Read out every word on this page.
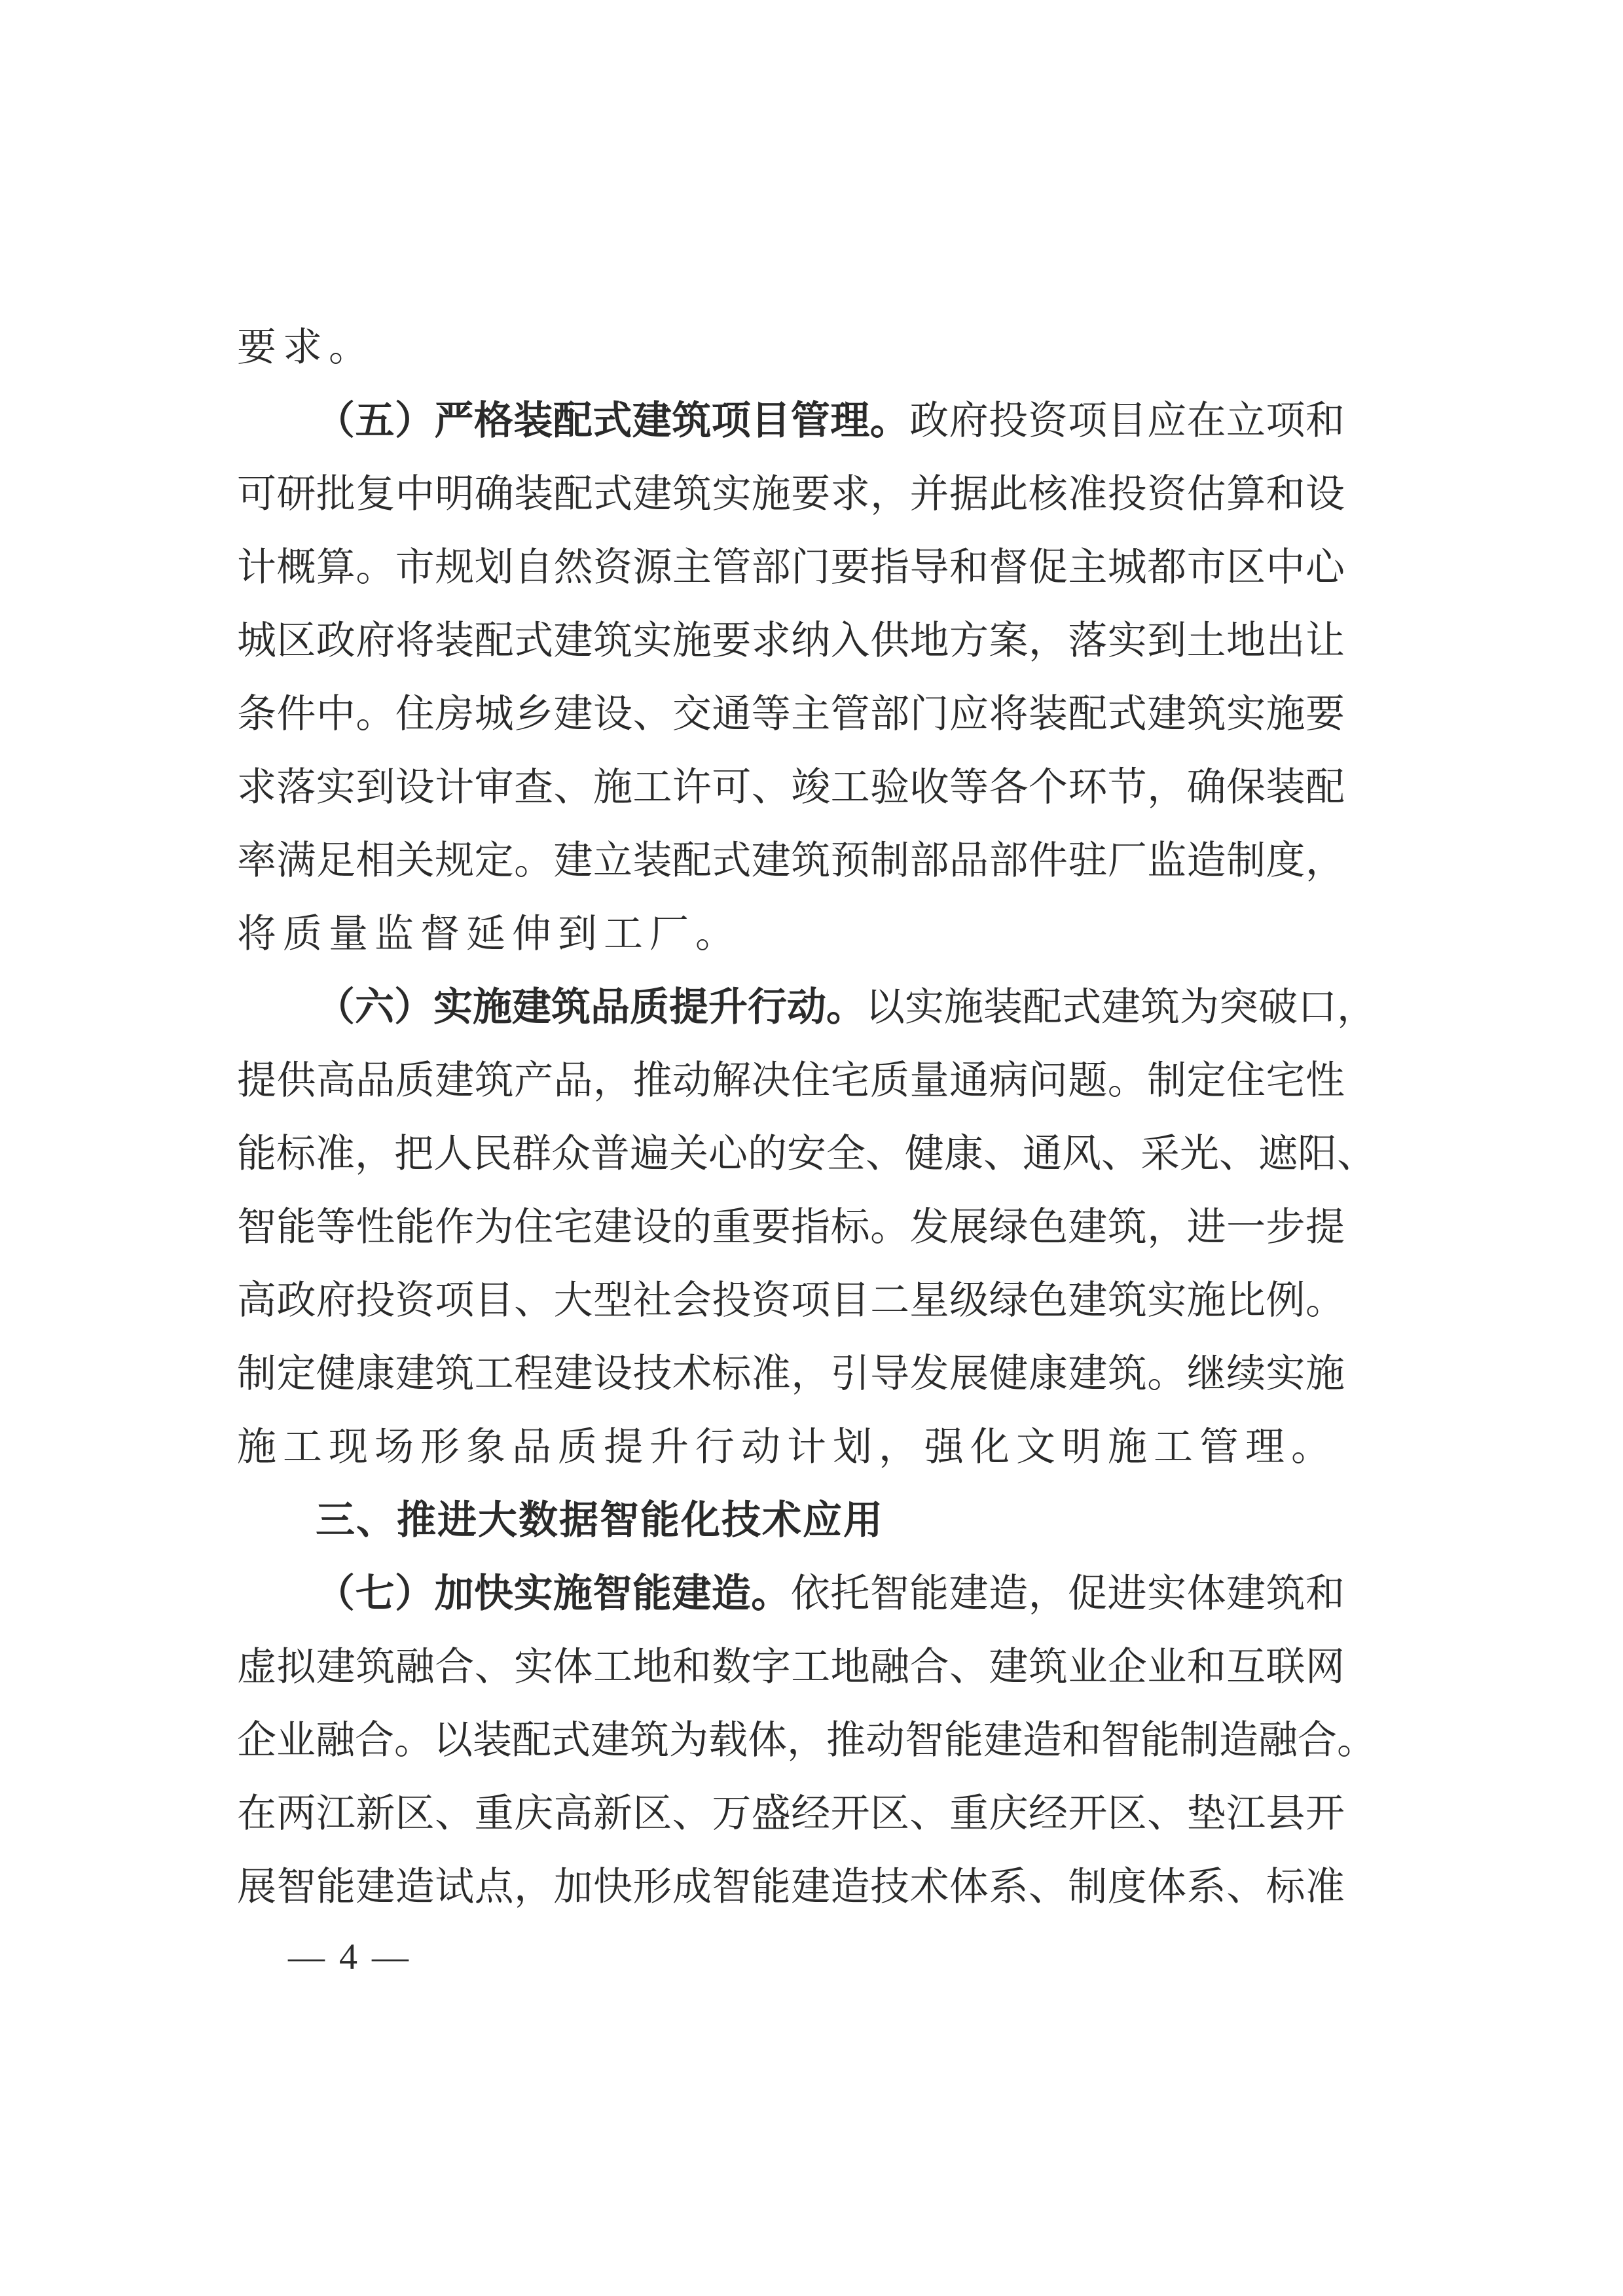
要求。
（五）严格装配式建筑项目管理。政府投资项目应在立项和
可研批复中明确装配式建筑实施要求，并据此核准投资估算和设
计概算。市规划自然资源主管部门要指导和督促主城都市区中心
城区政府将装配式建筑实施要求纳入供地方案，落实到土地出让
条件中。住房城乡建设、交通等主管部门应将装配式建筑实施要
求落实到设计审查、施工许可、竣工验收等各个环节，确保装配
率满足相关规定。建立装配式建筑预制部品部件驻厂监造制度，
将质量监督延伸到工厂。
（六）实施建筑品质提升行动。以实施装配式建筑为突破口，
提供高品质建筑产品，推动解决住宅质量通病问题。制定住宅性
能标准，把人民群众普遍关心的安全、健康、通风、采光、遮阳、
智能等性能作为住宅建设的重要指标。发展绿色建筑，进一步提
高政府投资项目、大型社会投资项目二星级绿色建筑实施比例。
制定健康建筑工程建设技术标准，引导发展健康建筑。继续实施
施工现场形象品质提升行动计划，强化文明施工管理。
三、推进大数据智能化技术应用
（七）加快实施智能建造。依托智能建造，促进实体建筑和
虚拟建筑融合、实体工地和数字工地融合、建筑业企业和互联网
企业融合。以装配式建筑为载体，推动智能建造和智能制造融合。
在两江新区、重庆高新区、万盛经开区、重庆经开区、垫江县开
展智能建造试点，加快形成智能建造技术体系、制度体系、标准
— 4 —
